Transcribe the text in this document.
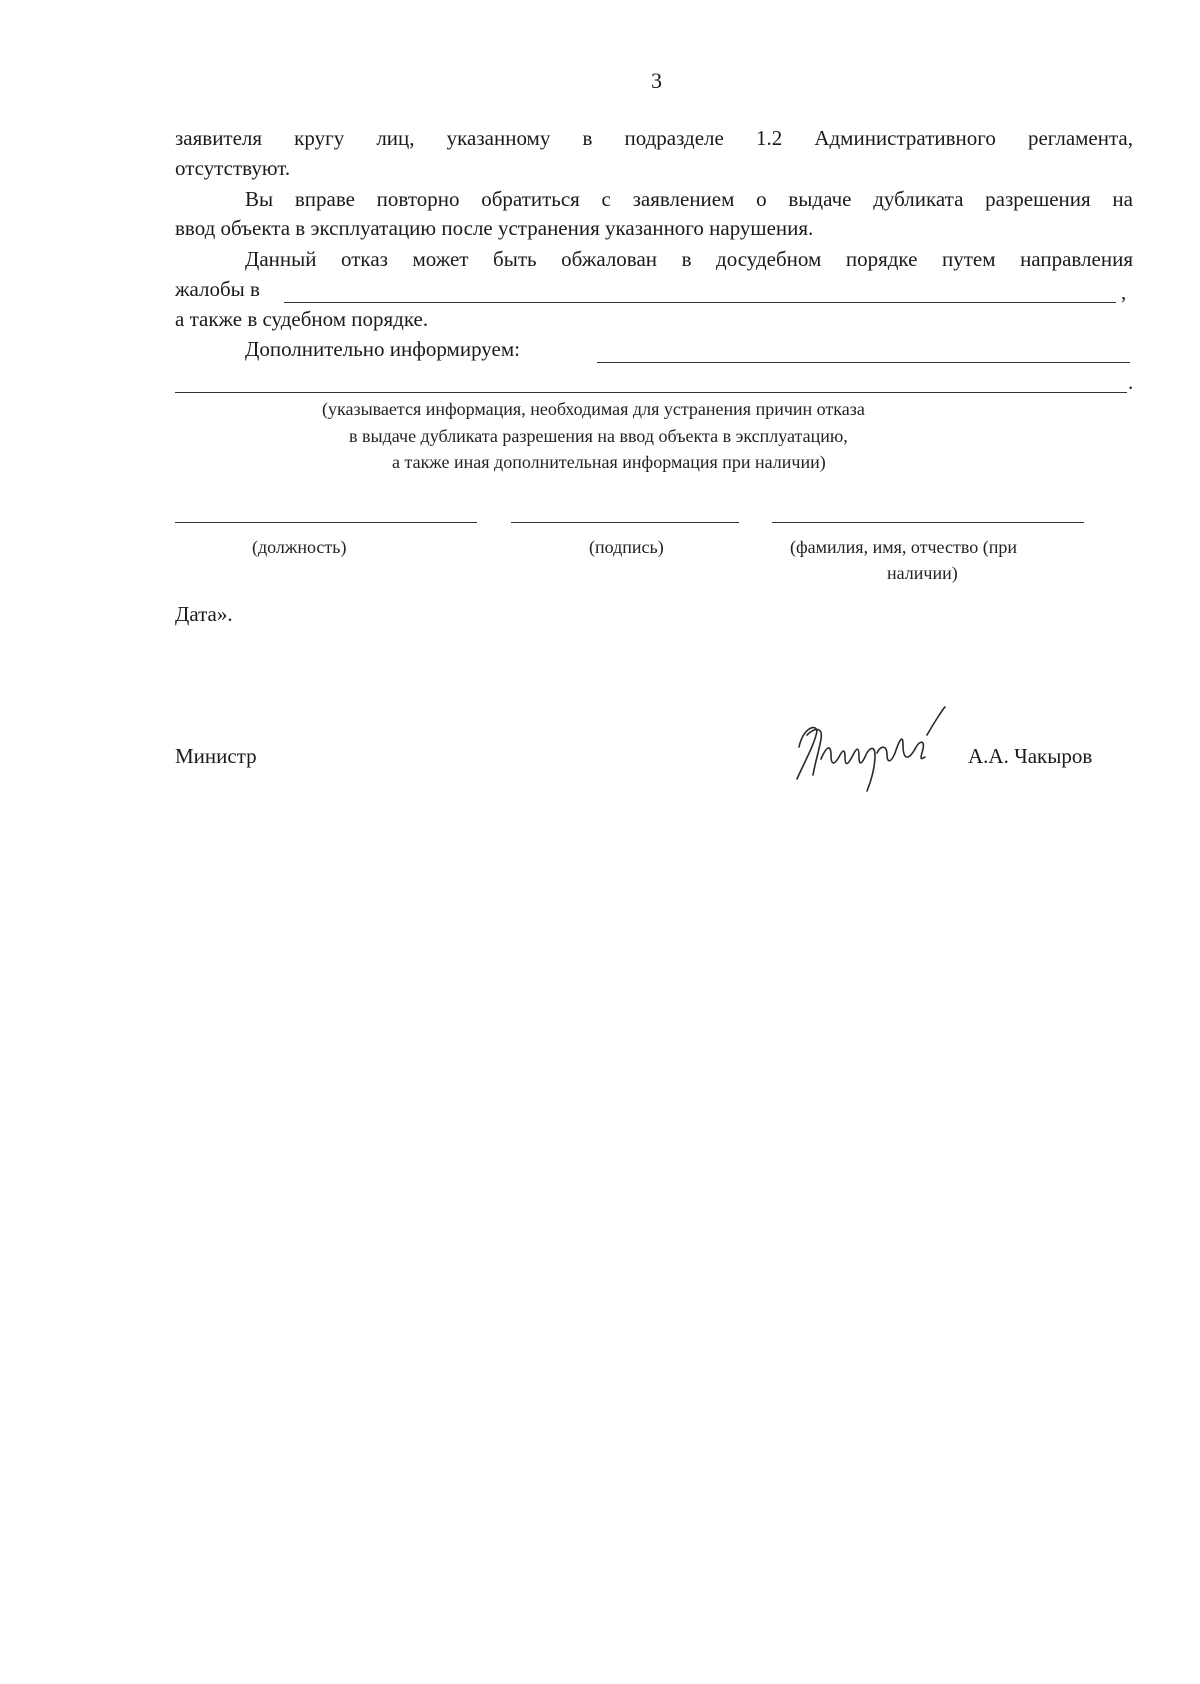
3
заявителя кругу лиц, указанному в подразделе 1.2 Административного регламента,
отсутствуют.
Вы вправе повторно обратиться с заявлением о выдаче дубликата разрешения на
ввод объекта в эксплуатацию после устранения указанного нарушения.
Данный отказ может быть обжалован в досудебном порядке путем направления
жалобы в	,
а также в судебном порядке.
Дополнительно информируем:
.
(указывается информация, необходимая для устранения причин отказа
в выдаче дубликата разрешения на ввод объекта в эксплуатацию,
а также иная дополнительная информация при наличии)
(должность)	(подпись)	(фамилия, имя, отчество (при
наличии)
Дата».
Министр	А.А. Чакыров
